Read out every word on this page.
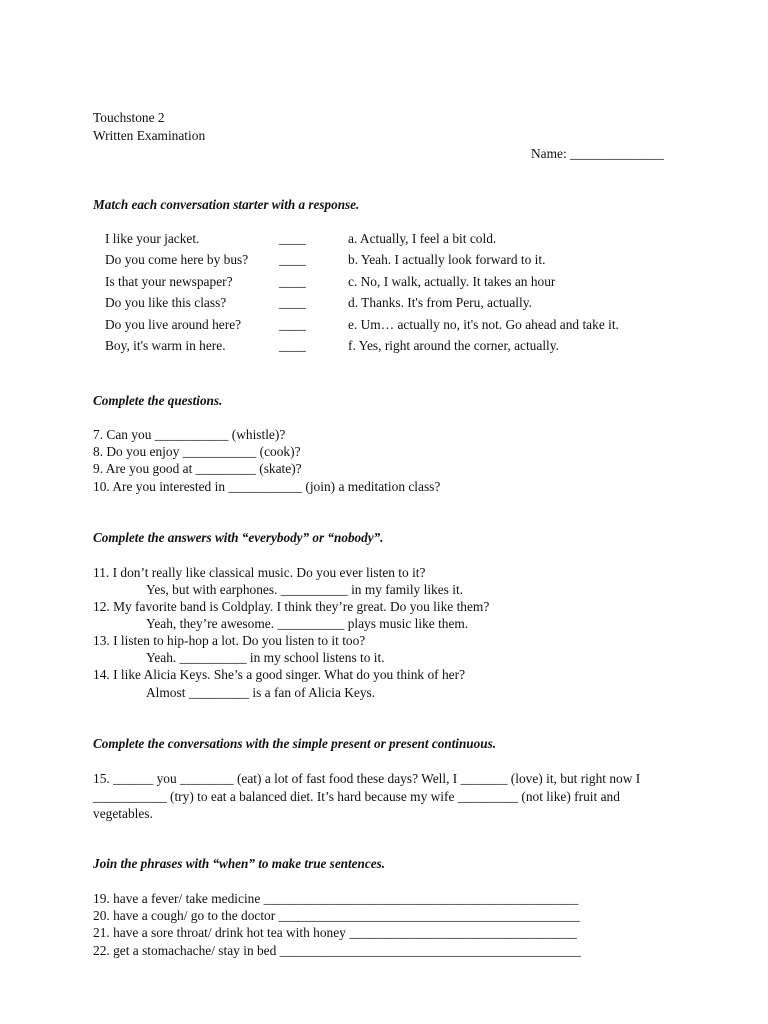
Touchstone 2
Written Examination
Name: ______________
Match each conversation starter with a response.
I like your jacket.	____	a. Actually, I feel a bit cold.
Do you come here by bus? ____	b. Yeah. I actually look forward to it.
Is that your newspaper?	____	c. No, I walk, actually. It takes an hour
Do you like this class?	____	d. Thanks. It's from Peru, actually.
Do you live around here?	____	e. Um… actually no, it's not. Go ahead and take it.
Boy, it's warm in here.	____	f. Yes, right around the corner, actually.
Complete the questions.
7. Can you ___________ (whistle)?
8. Do you enjoy ___________ (cook)?
9. Are you good at _________ (skate)?
10. Are you interested in ___________ (join) a meditation class?
Complete the answers with “everybody” or “nobody”.
11. I don’t really like classical music. Do you ever listen to it?
Yes, but with earphones. __________ in my family likes it.
12. My favorite band is Coldplay. I think they’re great. Do you like them?
Yeah, they’re awesome. __________ plays music like them.
13. I listen to hip-hop a lot. Do you listen to it too?
Yeah. __________ in my school listens to it.
14. I like Alicia Keys. She’s a good singer. What do you think of her?
Almost _________ is a fan of Alicia Keys.
Complete the conversations with the simple present or present continuous.
15. ______ you ________ (eat) a lot of fast food these days? Well, I _______ (love) it, but right now I ___________ (try) to eat a balanced diet. It’s hard because my wife _________ (not like) fruit and vegetables.
Join the phrases with “when” to make true sentences.
19. have a fever/ take medicine _______________________________________________
20. have a cough/ go to the doctor _____________________________________________
21. have a sore throat/ drink hot tea with honey __________________________________
22. get a stomachache/ stay in bed _____________________________________________
